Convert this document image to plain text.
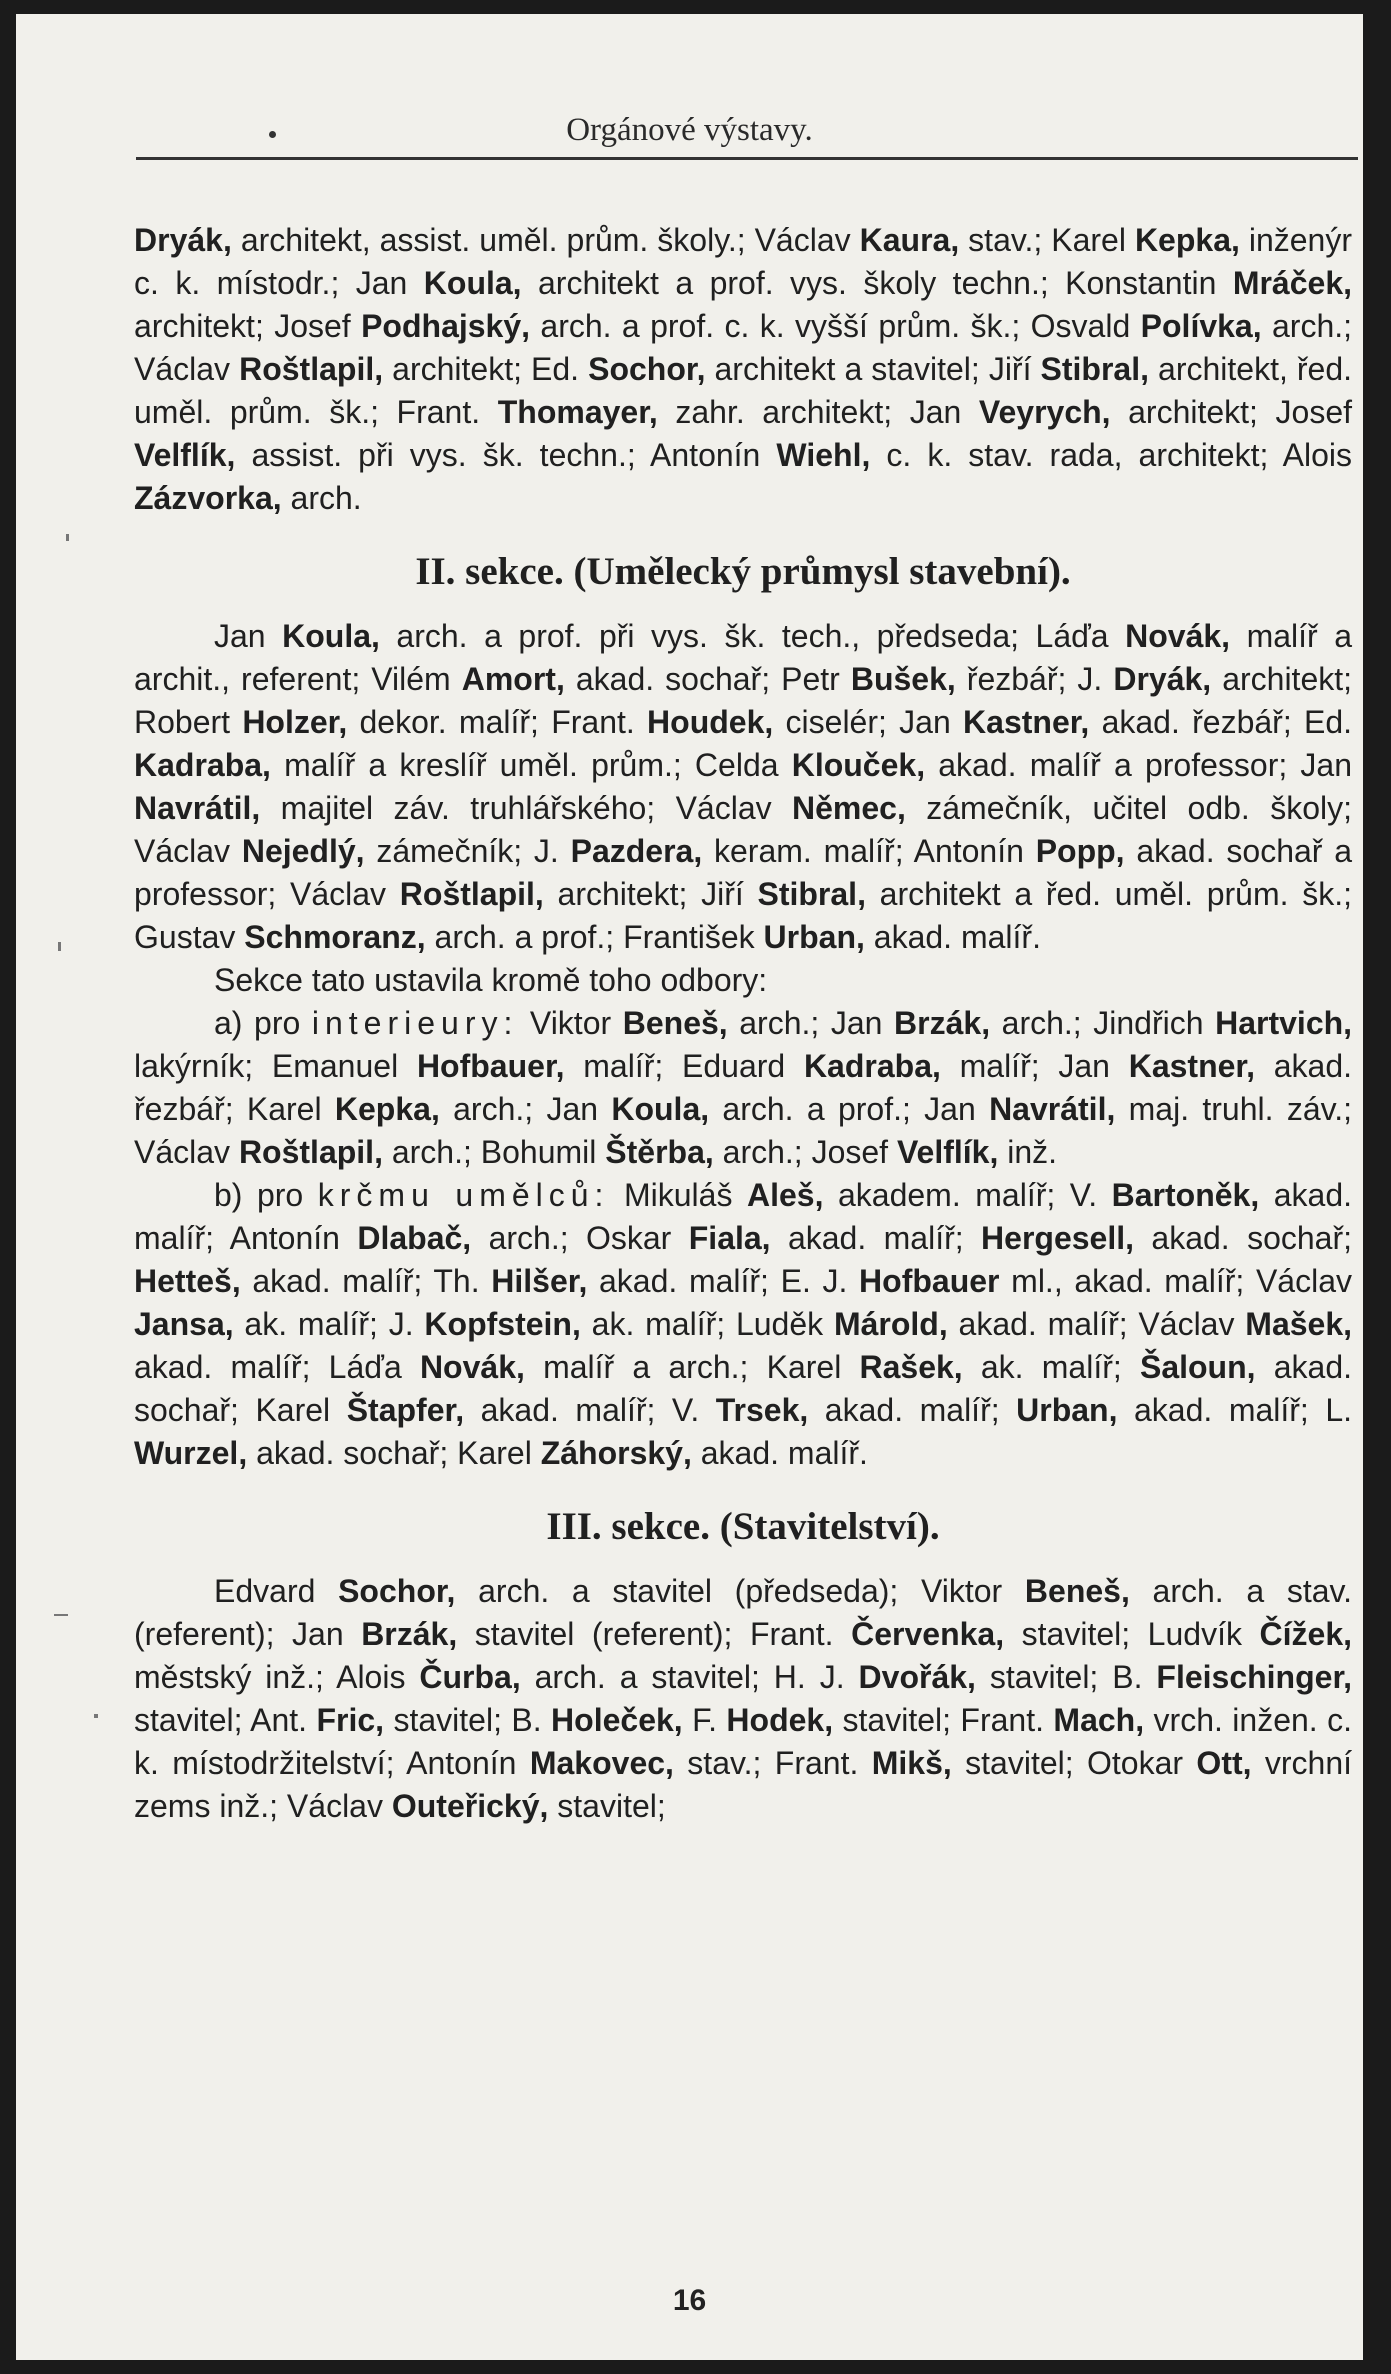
Orgánové výstavy.

Dryák, architekt, assist. uměl. prům. školy.; Václav Kaura, stav.; Karel Kepka, inženýr c. k. místodr.; Jan Koula, architekt a prof. vys. školy techn.; Konstantin Mráček, architekt; Josef Podhajský, arch. a prof. c. k. vyšší prům. šk.; Osvald Polívka, arch.; Václav Roštlapil, architekt; Ed. Sochor, architekt a stavitel; Jiří Stibral, architekt, řed. uměl. prům. šk.; Frant. Thomayer, zahr. architekt; Jan Veyrych, architekt; Josef Velflík, assist. při vys. šk. techn.; Antonín Wiehl, c. k. stav. rada, architekt; Alois Zázvorka, arch.

II. sekce. (Umělecký průmysl stavební).

Jan Koula, arch. a prof. při vys. šk. tech., předseda; Láďa Novák, malíř a archit., referent; Vilém Amort, akad. sochař; Petr Bušek, řezbář; J. Dryák, architekt; Robert Holzer, dekor. malíř; Frant. Houdek, ciselér; Jan Kastner, akad. řezbář; Ed. Kadraba, malíř a kreslíř uměl. prům.; Celda Klouček, akad. malíř a professor; Jan Navrátil, majitel záv. truhlářského; Václav Němec, zámečník, učitel odb. školy; Václav Nejedlý, zámečník; J. Pazdera, keram. malíř; Antonín Popp, akad. sochař a professor; Václav Roštlapil, architekt; Jiří Stibral, architekt a řed. uměl. prům. šk.; Gustav Schmoranz, arch. a prof.; František Urban, akad. malíř.

Sekce tato ustavila kromě toho odbory:

a) pro interieury: Viktor Beneš, arch.; Jan Brzák, arch.; Jindřich Hartvich, lakýrník; Emanuel Hofbauer, malíř; Eduard Kadraba, malíř; Jan Kastner, akad. řezbář; Karel Kepka, arch.; Jan Koula, arch. a prof.; Jan Navrátil, maj. truhl. záv.; Václav Roštlapil, arch.; Bohumil Štěrba, arch.; Josef Velflík, inž.

b) pro krčmu umělců: Mikuláš Aleš, akadem. malíř; V. Bartoněk, akad. malíř; Antonín Dlabač, arch.; Oskar Fiala, akad. malíř; Hergesell, akad. sochař; Hetteš, akad. malíř; Th. Hilšer, akad. malíř; E. J. Hofbauer ml., akad. malíř; Václav Jansa, ak. malíř; J. Kopfstein, ak. malíř; Luděk Márold, akad. malíř; Václav Mašek, akad. malíř; Láďa Novák, malíř a arch.; Karel Rašek, ak. malíř; Šaloun, akad. sochař; Karel Štapfer, akad. malíř; V. Trsek, akad. malíř; Urban, akad. malíř; L. Wurzel, akad. sochař; Karel Záhorský, akad. malíř.

III. sekce. (Stavitelství).

Edvard Sochor, arch. a stavitel (předseda); Viktor Beneš, arch. a stav. (referent); Jan Brzák, stavitel (referent); Frant. Červenka, stavitel; Ludvík Čížek, městský inž.; Alois Čurba, arch. a stavitel; H. J. Dvořák, stavitel; B. Fleischinger, stavitel; Ant. Fric, stavitel; B. Holeček, F. Hodek, stavitel; Frant. Mach, vrch. inžen. c. k. místodržitelství; Antonín Makovec, stav.; Frant. Mikš, stavitel; Otokar Ott, vrchní zems inž.; Václav Outeřický, stavitel;

16
